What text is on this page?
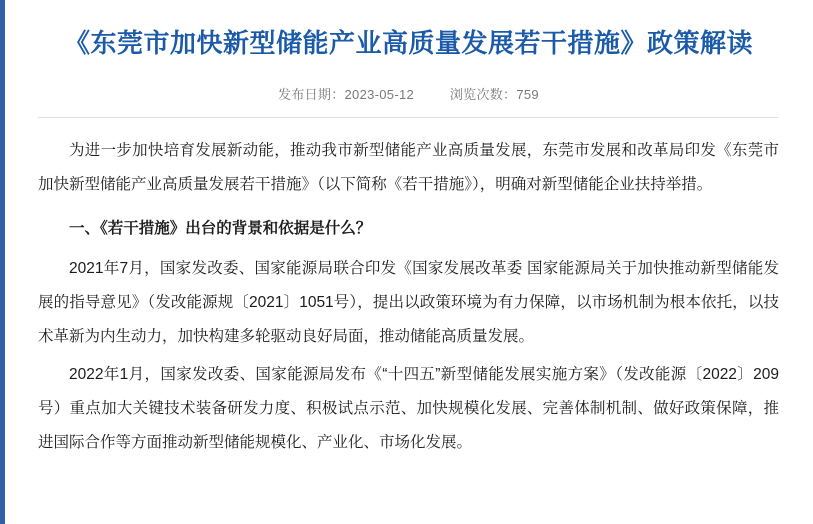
《东莞市加快新型储能产业高质量发展若干措施》政策解读
发布日期：2023-05-12	浏览次数：759

为进一步加快培育发展新动能，推动我市新型储能产业高质量发展，东莞市发展和改革局印发《东莞市加快新型储能产业高质量发展若干措施》（以下简称《若干措施》），明确对新型储能企业扶持举措。

一、《若干措施》出台的背景和依据是什么？

2021年7月，国家发改委、国家能源局联合印发《国家发展改革委 国家能源局关于加快推动新型储能发展的指导意见》（发改能源规〔2021〕1051号），提出以政策环境为有力保障，以市场机制为根本依托，以技术革新为内生动力，加快构建多轮驱动良好局面，推动储能高质量发展。

2022年1月，国家发改委、国家能源局发布《“十四五”新型储能发展实施方案》（发改能源〔2022〕209号）重点加大关键技术装备研发力度、积极试点示范、加快规模化发展、完善体制机制、做好政策保障，推进国际合作等方面推动新型储能规模化、产业化、市场化发展。
